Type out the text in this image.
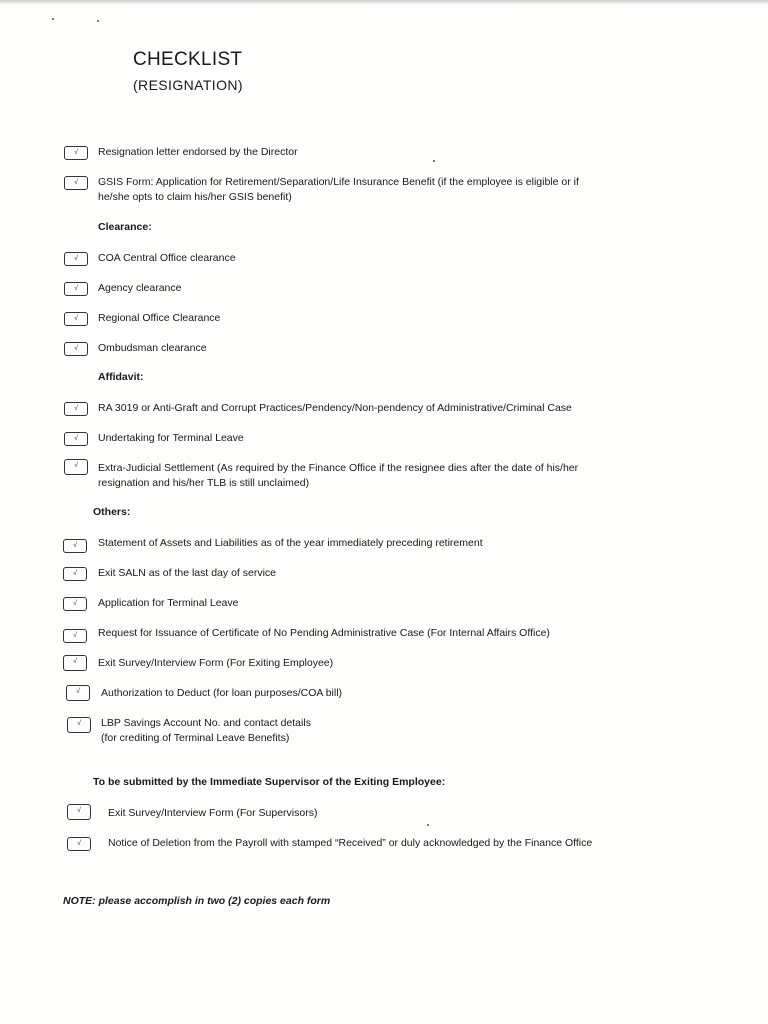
CHECKLIST
(RESIGNATION)
√	Resignation letter endorsed by the Director
√	GSIS Form: Application for Retirement/Separation/Life Insurance Benefit (if the employee is eligible or if
he/she opts to claim his/her GSIS benefit)
Clearance:
√	COA Central Office clearance
√	Agency clearance
√	Regional Office Clearance
√	Ombudsman clearance
Affidavit:
√	RA 3019 or Anti-Graft and Corrupt Practices/Pendency/Non-pendency of Administrative/Criminal Case
√	Undertaking for Terminal Leave
√	Extra-Judicial Settlement (As required by the Finance Office if the resignee dies after the date of his/her
resignation and his/her TLB is still unclaimed)
Others:
√	Statement of Assets and Liabilities as of the year immediately preceding retirement
√	Exit SALN as of the last day of service
√	Application for Terminal Leave
√	Request for Issuance of Certificate of No Pending Administrative Case (For Internal Affairs Office)
√	Exit Survey/Interview Form (For Exiting Employee)
√	Authorization to Deduct (for loan purposes/COA bill)
√	LBP Savings Account No. and contact details
(for crediting of Terminal Leave Benefits)
To be submitted by the Immediate Supervisor of the Exiting Employee:
√	Exit Survey/Interview Form (For Supervisors)
√	Notice of Deletion from the Payroll with stamped “Received” or duly acknowledged by the Finance Office
NOTE: please accomplish in two (2) copies each form
